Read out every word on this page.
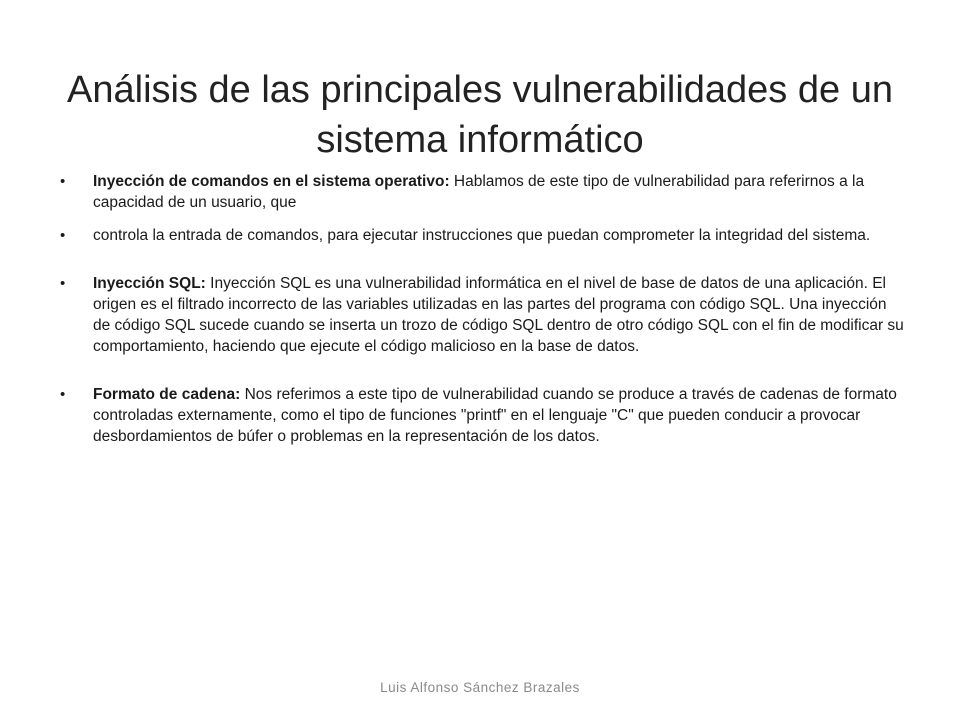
Análisis de las principales vulnerabilidades de un sistema informático

•	Inyección de comandos en el sistema operativo: Hablamos de este tipo de vulnerabilidad para referirnos a la capacidad de un usuario, que

•	controla la entrada de comandos, para ejecutar instrucciones que puedan comprometer la integridad del sistema.

•	Inyección SQL: Inyección SQL es una vulnerabilidad informática en el nivel de base de datos de una aplicación. El origen es el filtrado incorrecto de las variables utilizadas en las partes del programa con código SQL. Una inyección de código SQL sucede cuando se inserta un trozo de código SQL dentro de otro código SQL con el fin de modificar su comportamiento, haciendo que ejecute el código malicioso en la base de datos.

•	Formato de cadena: Nos referimos a este tipo de vulnerabilidad cuando se produce a través de cadenas de formato controladas externamente, como el tipo de funciones "printf" en el lenguaje "C" que pueden conducir a provocar desbordamientos de búfer o problemas en la representación de los datos.

Luis Alfonso Sánchez Brazales
